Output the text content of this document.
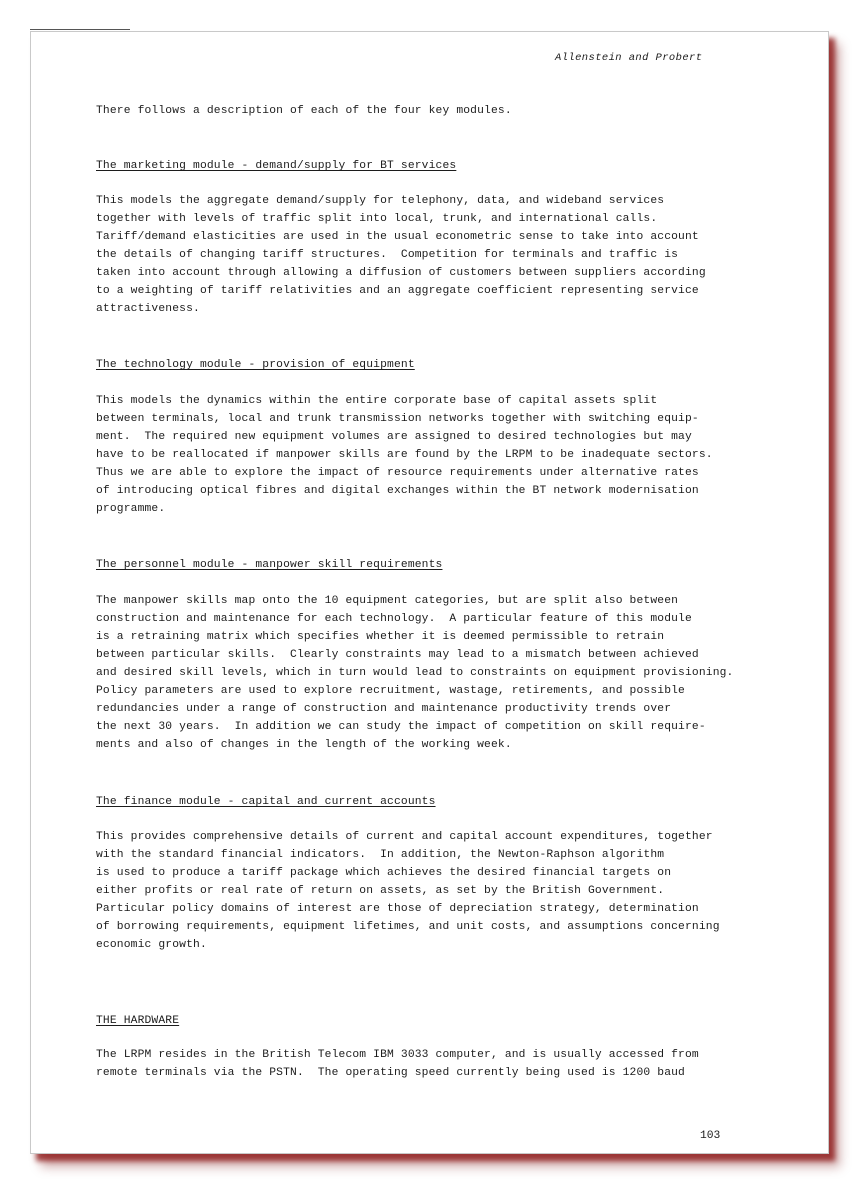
Allenstein and Probert
There follows a description of each of the four key modules.
The marketing module - demand/supply for BT services
This models the aggregate demand/supply for telephony, data, and wideband services
together with levels of traffic split into local, trunk, and international calls.
Tariff/demand elasticities are used in the usual econometric sense to take into account
the details of changing tariff structures.  Competition for terminals and traffic is
taken into account through allowing a diffusion of customers between suppliers according
to a weighting of tariff relativities and an aggregate coefficient representing service
attractiveness.
The technology module - provision of equipment
This models the dynamics within the entire corporate base of capital assets split
between terminals, local and trunk transmission networks together with switching equip-
ment.  The required new equipment volumes are assigned to desired technologies but may
have to be reallocated if manpower skills are found by the LRPM to be inadequate sectors.
Thus we are able to explore the impact of resource requirements under alternative rates
of introducing optical fibres and digital exchanges within the BT network modernisation
programme.
The personnel module - manpower skill requirements
The manpower skills map onto the 10 equipment categories, but are split also between
construction and maintenance for each technology.  A particular feature of this module
is a retraining matrix which specifies whether it is deemed permissible to retrain
between particular skills.  Clearly constraints may lead to a mismatch between achieved
and desired skill levels, which in turn would lead to constraints on equipment provisioning.
Policy parameters are used to explore recruitment, wastage, retirements, and possible
redundancies under a range of construction and maintenance productivity trends over
the next 30 years.  In addition we can study the impact of competition on skill require-
ments and also of changes in the length of the working week.
The finance module - capital and current accounts
This provides comprehensive details of current and capital account expenditures, together
with the standard financial indicators.  In addition, the Newton-Raphson algorithm
is used to produce a tariff package which achieves the desired financial targets on
either profits or real rate of return on assets, as set by the British Government.
Particular policy domains of interest are those of depreciation strategy, determination
of borrowing requirements, equipment lifetimes, and unit costs, and assumptions concerning
economic growth.
THE HARDWARE
The LRPM resides in the British Telecom IBM 3033 computer, and is usually accessed from
remote terminals via the PSTN.  The operating speed currently being used is 1200 baud
103
